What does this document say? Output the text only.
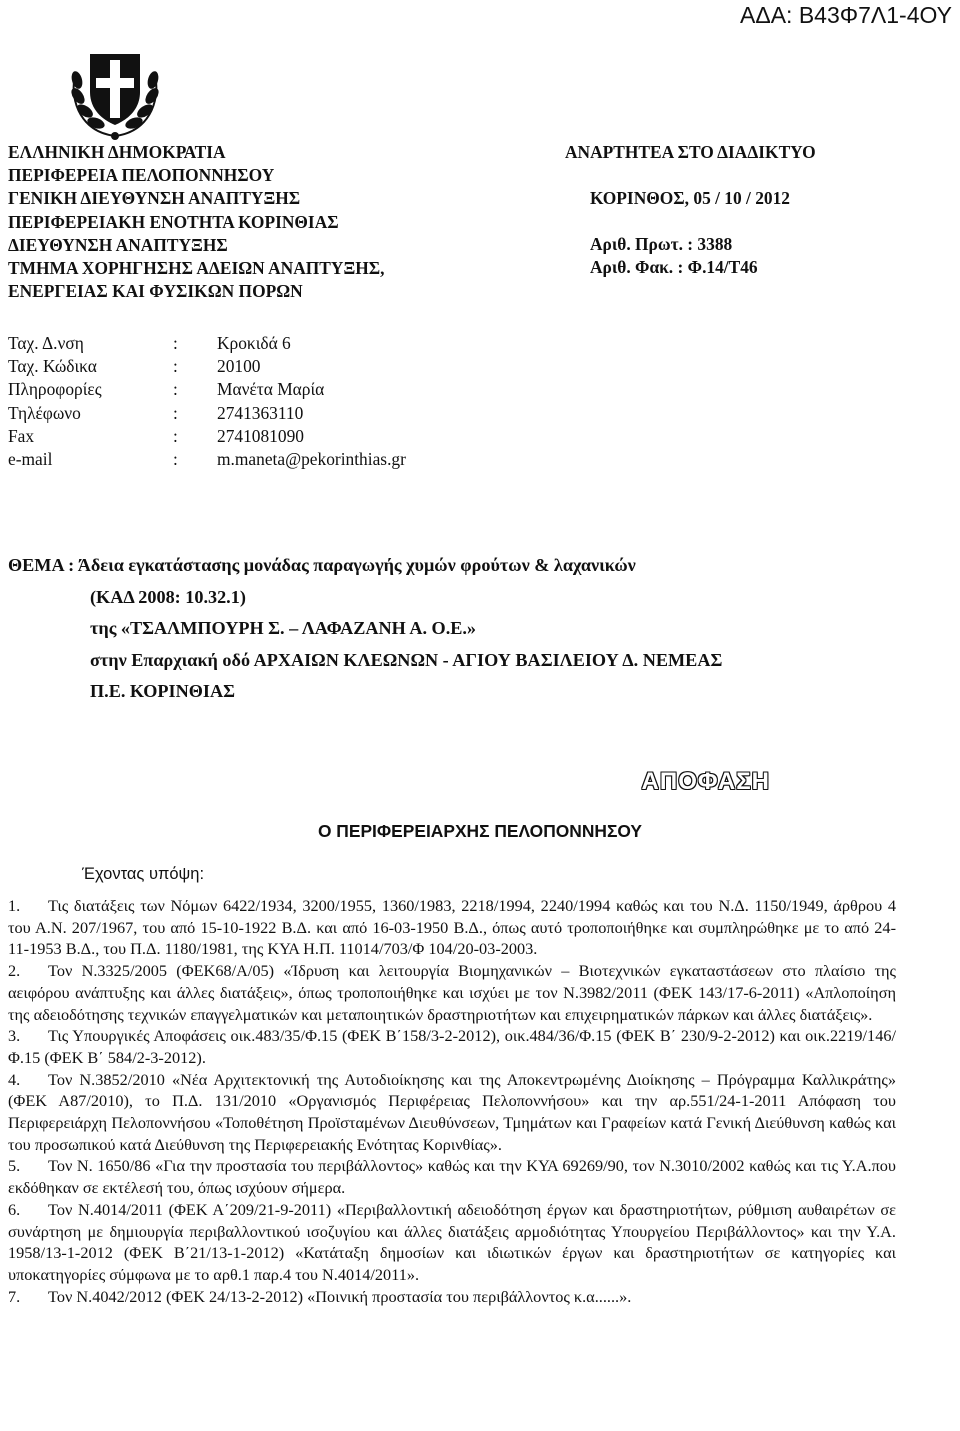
ΑΔΑ: Β43Φ7Λ1-4ΟΥ
ΕΛΛΗΝΙΚΗ ΔΗΜΟΚΡΑΤΙΑ
ΠΕΡΙΦΕΡΕΙΑ ΠΕΛΟΠΟΝΝΗΣΟΥ
ΓΕΝΙΚΗ ΔΙΕΥΘΥΝΣΗ ΑΝΑΠΤΥΞΗΣ
ΠΕΡΙΦΕΡΕΙΑΚΗ ΕΝΟΤΗΤΑ ΚΟΡΙΝΘΙΑΣ
ΔΙΕΥΘΥΝΣΗ ΑΝΑΠΤΥΞΗΣ
ΤΜΗΜΑ ΧΟΡΗΓΗΣΗΣ ΑΔΕΙΩΝ ΑΝΑΠΤΥΞΗΣ,
ΕΝΕΡΓΕΙΑΣ ΚΑΙ ΦΥΣΙΚΩΝ ΠΟΡΩΝ
ΑΝΑΡΤΗΤΕΑ ΣΤΟ ΔΙΑΔΙΚΤΥΟ
ΚΟΡΙΝΘΟΣ, 05 / 10 / 2012
Αριθ. Πρωτ. : 3388
Αριθ. Φακ. : Φ.14/Τ46
Ταχ. Δ.νση	:	Κροκιδά 6
Ταχ. Κώδικα	:	20100
Πληροφορίες	:	Μανέτα Μαρία
Τηλέφωνο	:	2741363110
Fax	:	2741081090
e-mail	:	m.maneta@pekorinthias.gr
ΘΕΜΑ : Άδεια εγκατάστασης μονάδας παραγωγής χυμών φρούτων & λαχανικών
(ΚΑΔ 2008: 10.32.1)
της «ΤΣΑΛΜΠΟΥΡΗ Σ. – ΛΑΦΑΖΑΝΗ Α. Ο.Ε.»
στην Επαρχιακή οδό ΑΡΧΑΙΩΝ ΚΛΕΩΝΩΝ - ΑΓΙΟΥ ΒΑΣΙΛΕΙΟΥ Δ. ΝΕΜΕΑΣ
Π.Ε. ΚΟΡΙΝΘΙΑΣ
ΑΠΟΦΑΣΗ
Ο ΠΕΡΙΦΕΡΕΙΑΡΧΗΣ ΠΕΛΟΠΟΝΝΗΣΟΥ
Έχοντας υπόψη:
1. Τις διατάξεις των Νόμων 6422/1934, 3200/1955, 1360/1983, 2218/1994, 2240/1994 καθώς και του Ν.Δ. 1150/1949, άρθρου 4 του Α.Ν. 207/1967, του από 15-10-1922 Β.Δ. και από 16-03-1950 Β.Δ., όπως αυτό τροποποιήθηκε και συμπληρώθηκε με το από 24-11-1953 Β.Δ., του Π.Δ. 1180/1981, της ΚΥΑ Η.Π. 11014/703/Φ 104/20-03-2003.
2. Τον Ν.3325/2005 (ΦΕΚ68/Α/05) «Ίδρυση και λειτουργία Βιομηχανικών – Βιοτεχνικών εγκαταστάσεων στο πλαίσιο της αειφόρου ανάπτυξης και άλλες διατάξεις», όπως τροποποιήθηκε και ισχύει με τον Ν.3982/2011 (ΦΕΚ 143/17-6-2011) «Απλοποίηση της αδειοδότησης τεχνικών επαγγελματικών και μεταποιητικών δραστηριοτήτων και επιχειρηματικών πάρκων και άλλες διατάξεις».
3. Τις Υπουργικές Αποφάσεις οικ.483/35/Φ.15 (ΦΕΚ Β΄158/3-2-2012), οικ.484/36/Φ.15 (ΦΕΚ Β΄ 230/9-2-2012) και οικ.2219/146/Φ.15 (ΦΕΚ Β΄ 584/2-3-2012).
4. Τον Ν.3852/2010 «Νέα Αρχιτεκτονική της Αυτοδιοίκησης και της Αποκεντρωμένης Διοίκησης – Πρόγραμμα Καλλικράτης» (ΦΕΚ Α87/2010), το Π.Δ. 131/2010 «Οργανισμός Περιφέρειας Πελοποννήσου» και την αρ.551/24-1-2011 Απόφαση του Περιφερειάρχη Πελοποννήσου «Τοποθέτηση Προϊσταμένων Διευθύνσεων, Τμημάτων και Γραφείων κατά Γενική Διεύθυνση καθώς και του προσωπικού κατά Διεύθυνση της Περιφερειακής Ενότητας Κορινθίας».
5. Τον Ν. 1650/86 «Για την προστασία του περιβάλλοντος» καθώς και την ΚΥΑ 69269/90, τον Ν.3010/2002 καθώς και τις Υ.Α.που εκδόθηκαν σε εκτέλεσή του, όπως ισχύουν σήμερα.
6. Τον Ν.4014/2011 (ΦΕΚ Α΄209/21-9-2011) «Περιβαλλοντική αδειοδότηση έργων και δραστηριοτήτων, ρύθμιση αυθαιρέτων σε συνάρτηση με δημιουργία περιβαλλοντικού ισοζυγίου και άλλες διατάξεις αρμοδιότητας Υπουργείου Περιβάλλοντος» και την Υ.Α. 1958/13-1-2012 (ΦΕΚ Β΄21/13-1-2012) «Κατάταξη δημοσίων και ιδιωτικών έργων και δραστηριοτήτων σε κατηγορίες και υποκατηγορίες σύμφωνα με το αρθ.1 παρ.4 του Ν.4014/2011».
7. Τον Ν.4042/2012 (ΦΕΚ 24/13-2-2012) «Ποινική προστασία του περιβάλλοντος κ.α......».
